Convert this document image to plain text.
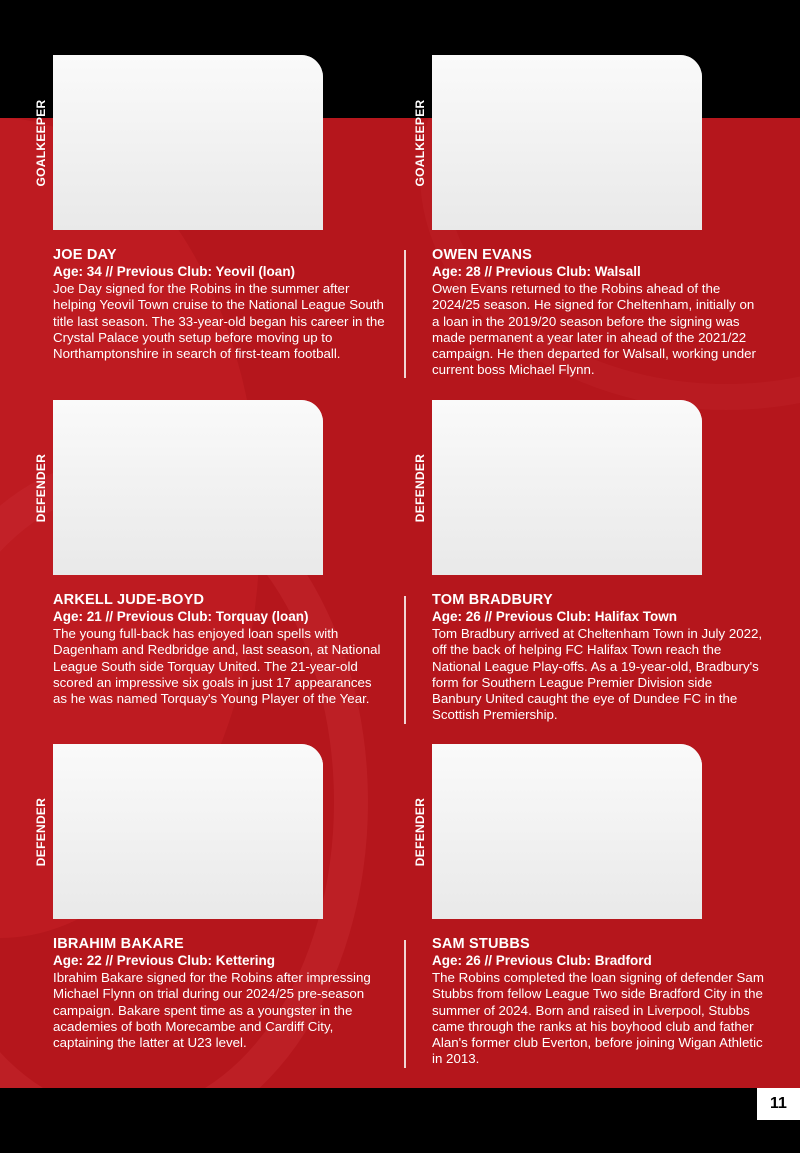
GOALKEEPER
JOE DAY
Age: 34 // Previous Club: Yeovil (loan)
Joe Day signed for the Robins in the summer after helping Yeovil Town cruise to the National League South title last season. The 33-year-old began his career in the Crystal Palace youth setup before moving up to Northamptonshire in search of first-team football.
GOALKEEPER
OWEN EVANS
Age: 28 // Previous Club: Walsall
Owen Evans returned to the Robins ahead of the 2024/25 season. He signed for Cheltenham, initially on a loan in the 2019/20 season before the signing was made permanent a year later in ahead of the 2021/22 campaign. He then departed for Walsall, working under current boss Michael Flynn.
DEFENDER
ARKELL JUDE-BOYD
Age: 21 // Previous Club: Torquay (loan)
The young full-back has enjoyed loan spells with Dagenham and Redbridge and, last season, at National League South side Torquay United. The 21-year-old scored an impressive six goals in just 17 appearances as he was named Torquay's Young Player of the Year.
DEFENDER
TOM BRADBURY
Age: 26 // Previous Club: Halifax Town
Tom Bradbury arrived at Cheltenham Town in July 2022, off the back of helping FC Halifax Town reach the National League Play-offs. As a 19-year-old, Bradbury's form for Southern League Premier Division side Banbury United caught the eye of Dundee FC in the Scottish Premiership.
DEFENDER
IBRAHIM BAKARE
Age: 22 // Previous Club: Kettering
Ibrahim Bakare signed for the Robins after impressing Michael Flynn on trial during our 2024/25 pre-season campaign. Bakare spent time as a youngster in the academies of both Morecambe and Cardiff City, captaining the latter at U23 level.
DEFENDER
SAM STUBBS
Age: 26 // Previous Club: Bradford
The Robins completed the loan signing of defender Sam Stubbs from fellow League Two side Bradford City in the summer of 2024. Born and raised in Liverpool, Stubbs came through the ranks at his boyhood club and father Alan's former club Everton, before joining Wigan Athletic in 2013.
11
